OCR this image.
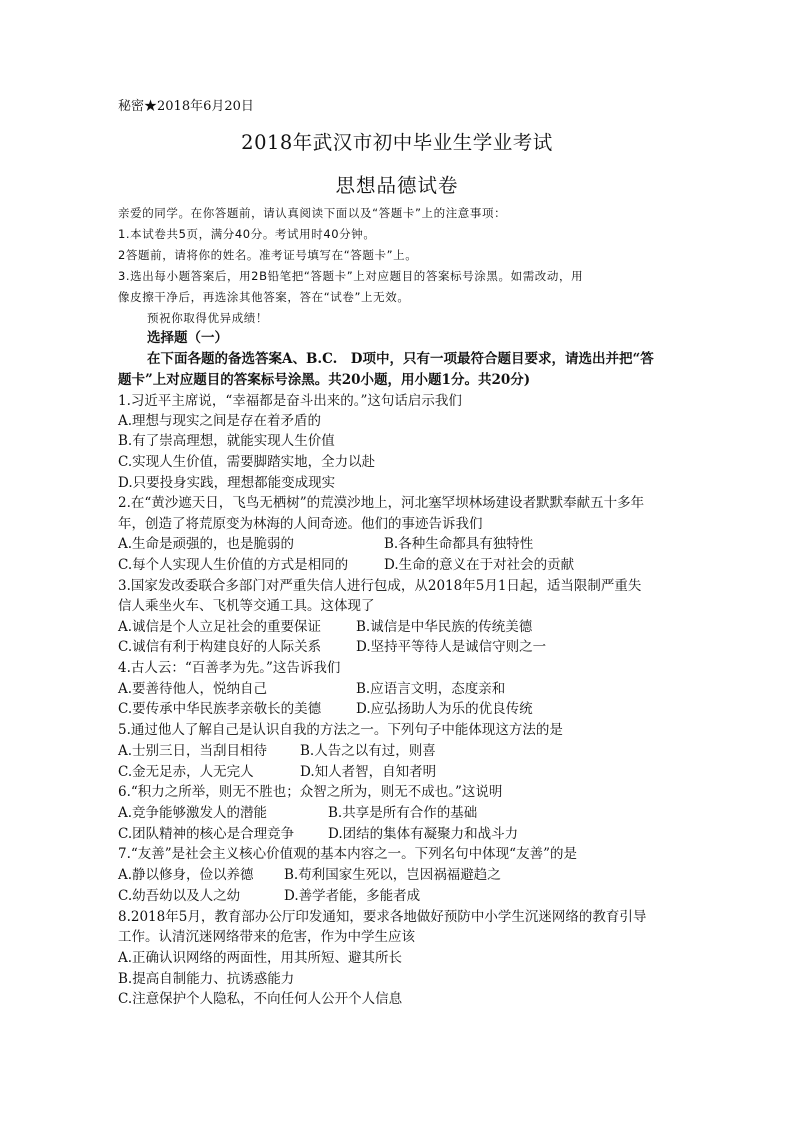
秘密★2018年6月20日
2018年武汉市初中毕业生学业考试
思想品德试卷
亲爱的同学。在你答题前，请认真阅读下面以及“答题卡”上的注意事项：
1.本试卷共5页，满分40分。考试用时40分钟。
2答题前，请将你的姓名。准考证号填写在“答题卡”上。
3.选出每小题答案后，用2B铅笔把“答题卡”上对应题目的答案标号涂黑。如需改动，用
像皮擦干净后，再选涂其他答案，答在“试卷”上无效。
预祝你取得优异成绩！
选择题（一）
在下面各题的备选答案A、B.C.　D项中，只有一项最符合题目要求，请选出并把“答
题卡”上对应题目的答案标号涂黑。共20小题，用小题1分。共20分)
1.习近平主席说，“幸福都是奋斗出来的。”这句话启示我们
A.理想与现实之间是存在着矛盾的
B.有了崇高理想，就能实现人生价值
C.实现人生价值，需要脚踏实地，全力以赴
D.只要投身实践，理想都能变成现实
2.在“黄沙遮天日，飞鸟无栖树”的荒漠沙地上，河北塞罕坝林场建设者默默奉献五十多年
年，创造了将荒原变为林海的人间奇迹。他们的事迹告诉我们
A.生命是顽强的，也是脆弱的	B.各种生命都具有独特性
C.每个人实现人生价值的方式是相同的	D.生命的意义在于对社会的贡献
3.国家发改委联合多部门对严重失信人进行包成，从2018年5月1日起，适当限制严重失
信人乘坐火车、飞机等交通工具。这体现了
A.诚信是个人立足社会的重要保证	B.诚信是中华民族的传统美德
C.诚信有利于构建良好的人际关系	D.坚持平等待人是诚信守则之一
4.古人云：“百善孝为先。”这告诉我们
A.要善待他人，悦纳自己	B.应语言文明，态度亲和
C.要传承中华民族孝亲敬长的美德	D.应弘扬助人为乐的优良传统
5.通过他人了解自己是认识自我的方法之一。下列句子中能体现这方法的是
A.士别三日，当刮目相待 B.人告之以有过，则喜
C.金无足赤，人无完人	D.知人者智，自知者明
6.“积力之所举，则无不胜也；众智之所为，则无不成也。”这说明
A.竞争能够激发人的潜能	B.共享是所有合作的基础
C.团队精神的核心是合理竞争	D.团结的集体有凝聚力和战斗力
7.“友善”是社会主义核心价值观的基本内容之一。下列名句中体现“友善”的是
A.静以修身，俭以养德 B.苟利国家生死以，岂因祸福避趋之
C.幼吾幼以及人之幼	D.善学者能，多能者成
8.2018年5月，教育部办公厅印发通知，要求各地做好预防中小学生沉迷网络的教育引导
工作。认清沉迷网络带来的危害，作为中学生应该
A.正确认识网络的两面性，用其所短、避其所长
B.提高自制能力、抗诱惑能力
C.注意保护个人隐私，不向任何人公开个人信息
